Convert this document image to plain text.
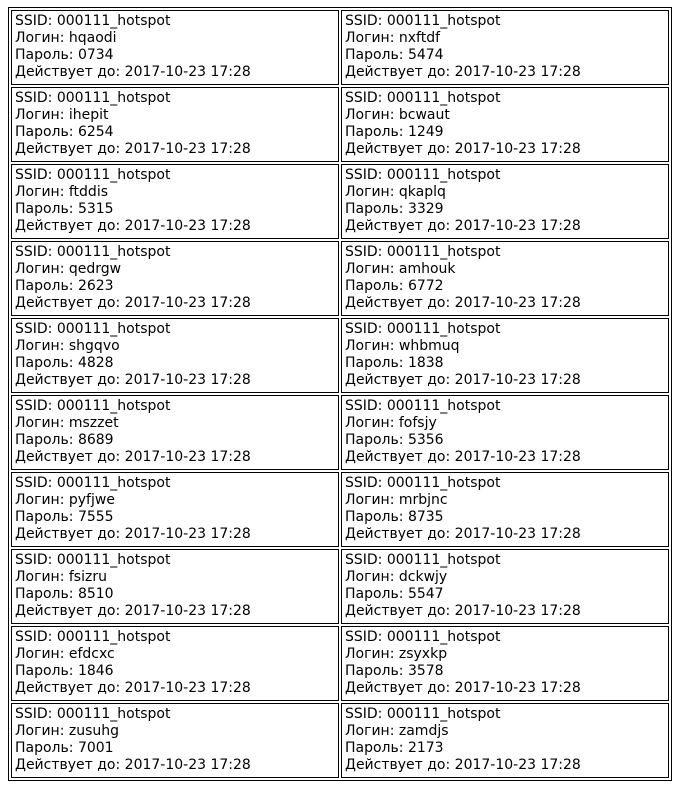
SSID: 000111_hotspot
Логин: hqaodi
Пароль: 0734
Действует до: 2017-10-23 17:28

SSID: 000111_hotspot
Логин: nxftdf
Пароль: 5474
Действует до: 2017-10-23 17:28

SSID: 000111_hotspot
Логин: ihepit
Пароль: 6254
Действует до: 2017-10-23 17:28

SSID: 000111_hotspot
Логин: bcwaut
Пароль: 1249
Действует до: 2017-10-23 17:28

SSID: 000111_hotspot
Логин: ftddis
Пароль: 5315
Действует до: 2017-10-23 17:28

SSID: 000111_hotspot
Логин: qkaplq
Пароль: 3329
Действует до: 2017-10-23 17:28

SSID: 000111_hotspot
Логин: qedrgw
Пароль: 2623
Действует до: 2017-10-23 17:28

SSID: 000111_hotspot
Логин: amhouk
Пароль: 6772
Действует до: 2017-10-23 17:28

SSID: 000111_hotspot
Логин: shgqvo
Пароль: 4828
Действует до: 2017-10-23 17:28

SSID: 000111_hotspot
Логин: whbmuq
Пароль: 1838
Действует до: 2017-10-23 17:28

SSID: 000111_hotspot
Логин: mszzet
Пароль: 8689
Действует до: 2017-10-23 17:28

SSID: 000111_hotspot
Логин: fofsjy
Пароль: 5356
Действует до: 2017-10-23 17:28

SSID: 000111_hotspot
Логин: pyfjwe
Пароль: 7555
Действует до: 2017-10-23 17:28

SSID: 000111_hotspot
Логин: mrbjnc
Пароль: 8735
Действует до: 2017-10-23 17:28

SSID: 000111_hotspot
Логин: fsizru
Пароль: 8510
Действует до: 2017-10-23 17:28

SSID: 000111_hotspot
Логин: dckwjy
Пароль: 5547
Действует до: 2017-10-23 17:28

SSID: 000111_hotspot
Логин: efdcxc
Пароль: 1846
Действует до: 2017-10-23 17:28

SSID: 000111_hotspot
Логин: zsyxkp
Пароль: 3578
Действует до: 2017-10-23 17:28

SSID: 000111_hotspot
Логин: zusuhg
Пароль: 7001
Действует до: 2017-10-23 17:28

SSID: 000111_hotspot
Логин: zamdjs
Пароль: 2173
Действует до: 2017-10-23 17:28
